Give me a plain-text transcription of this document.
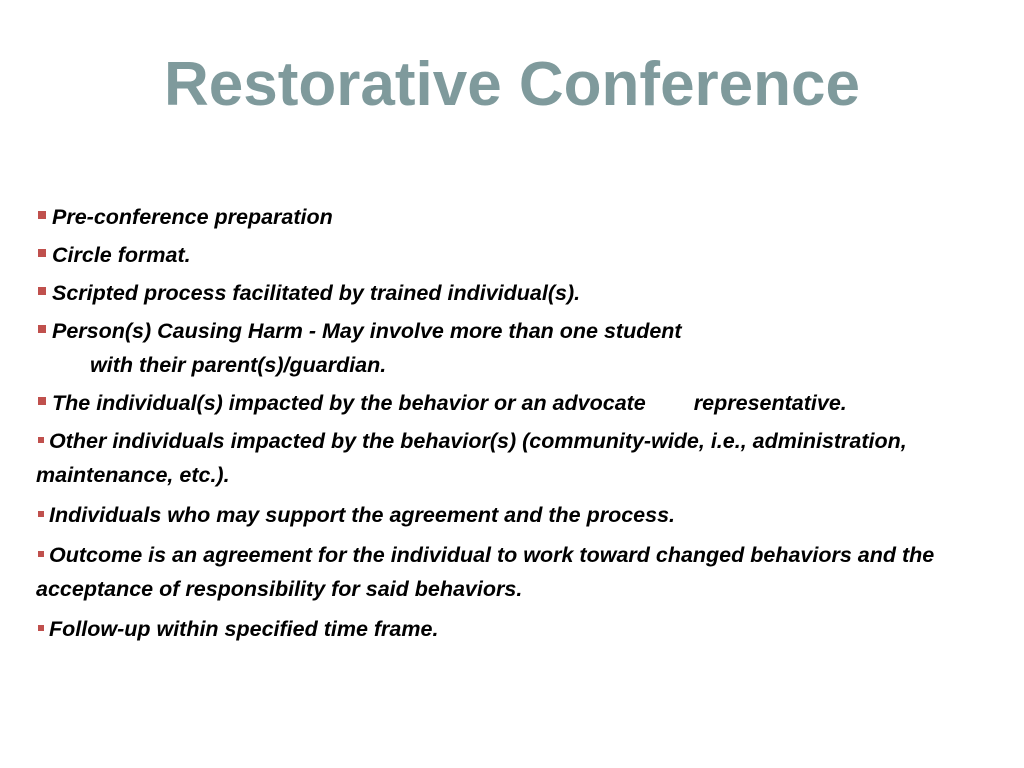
Restorative Conference
Pre-conference preparation
Circle format.
Scripted process facilitated by trained individual(s).
Person(s) Causing Harm - May involve more than one student
with their parent(s)/guardian.
The individual(s) impacted by the behavior or an advocate representative.
Other individuals impacted by the behavior(s) (community-wide, i.e., administration, maintenance, etc.).
Individuals who may support the agreement and the process.
Outcome is an agreement for the individual to work toward changed behaviors and the acceptance of responsibility for said behaviors.
Follow-up within specified time frame.
